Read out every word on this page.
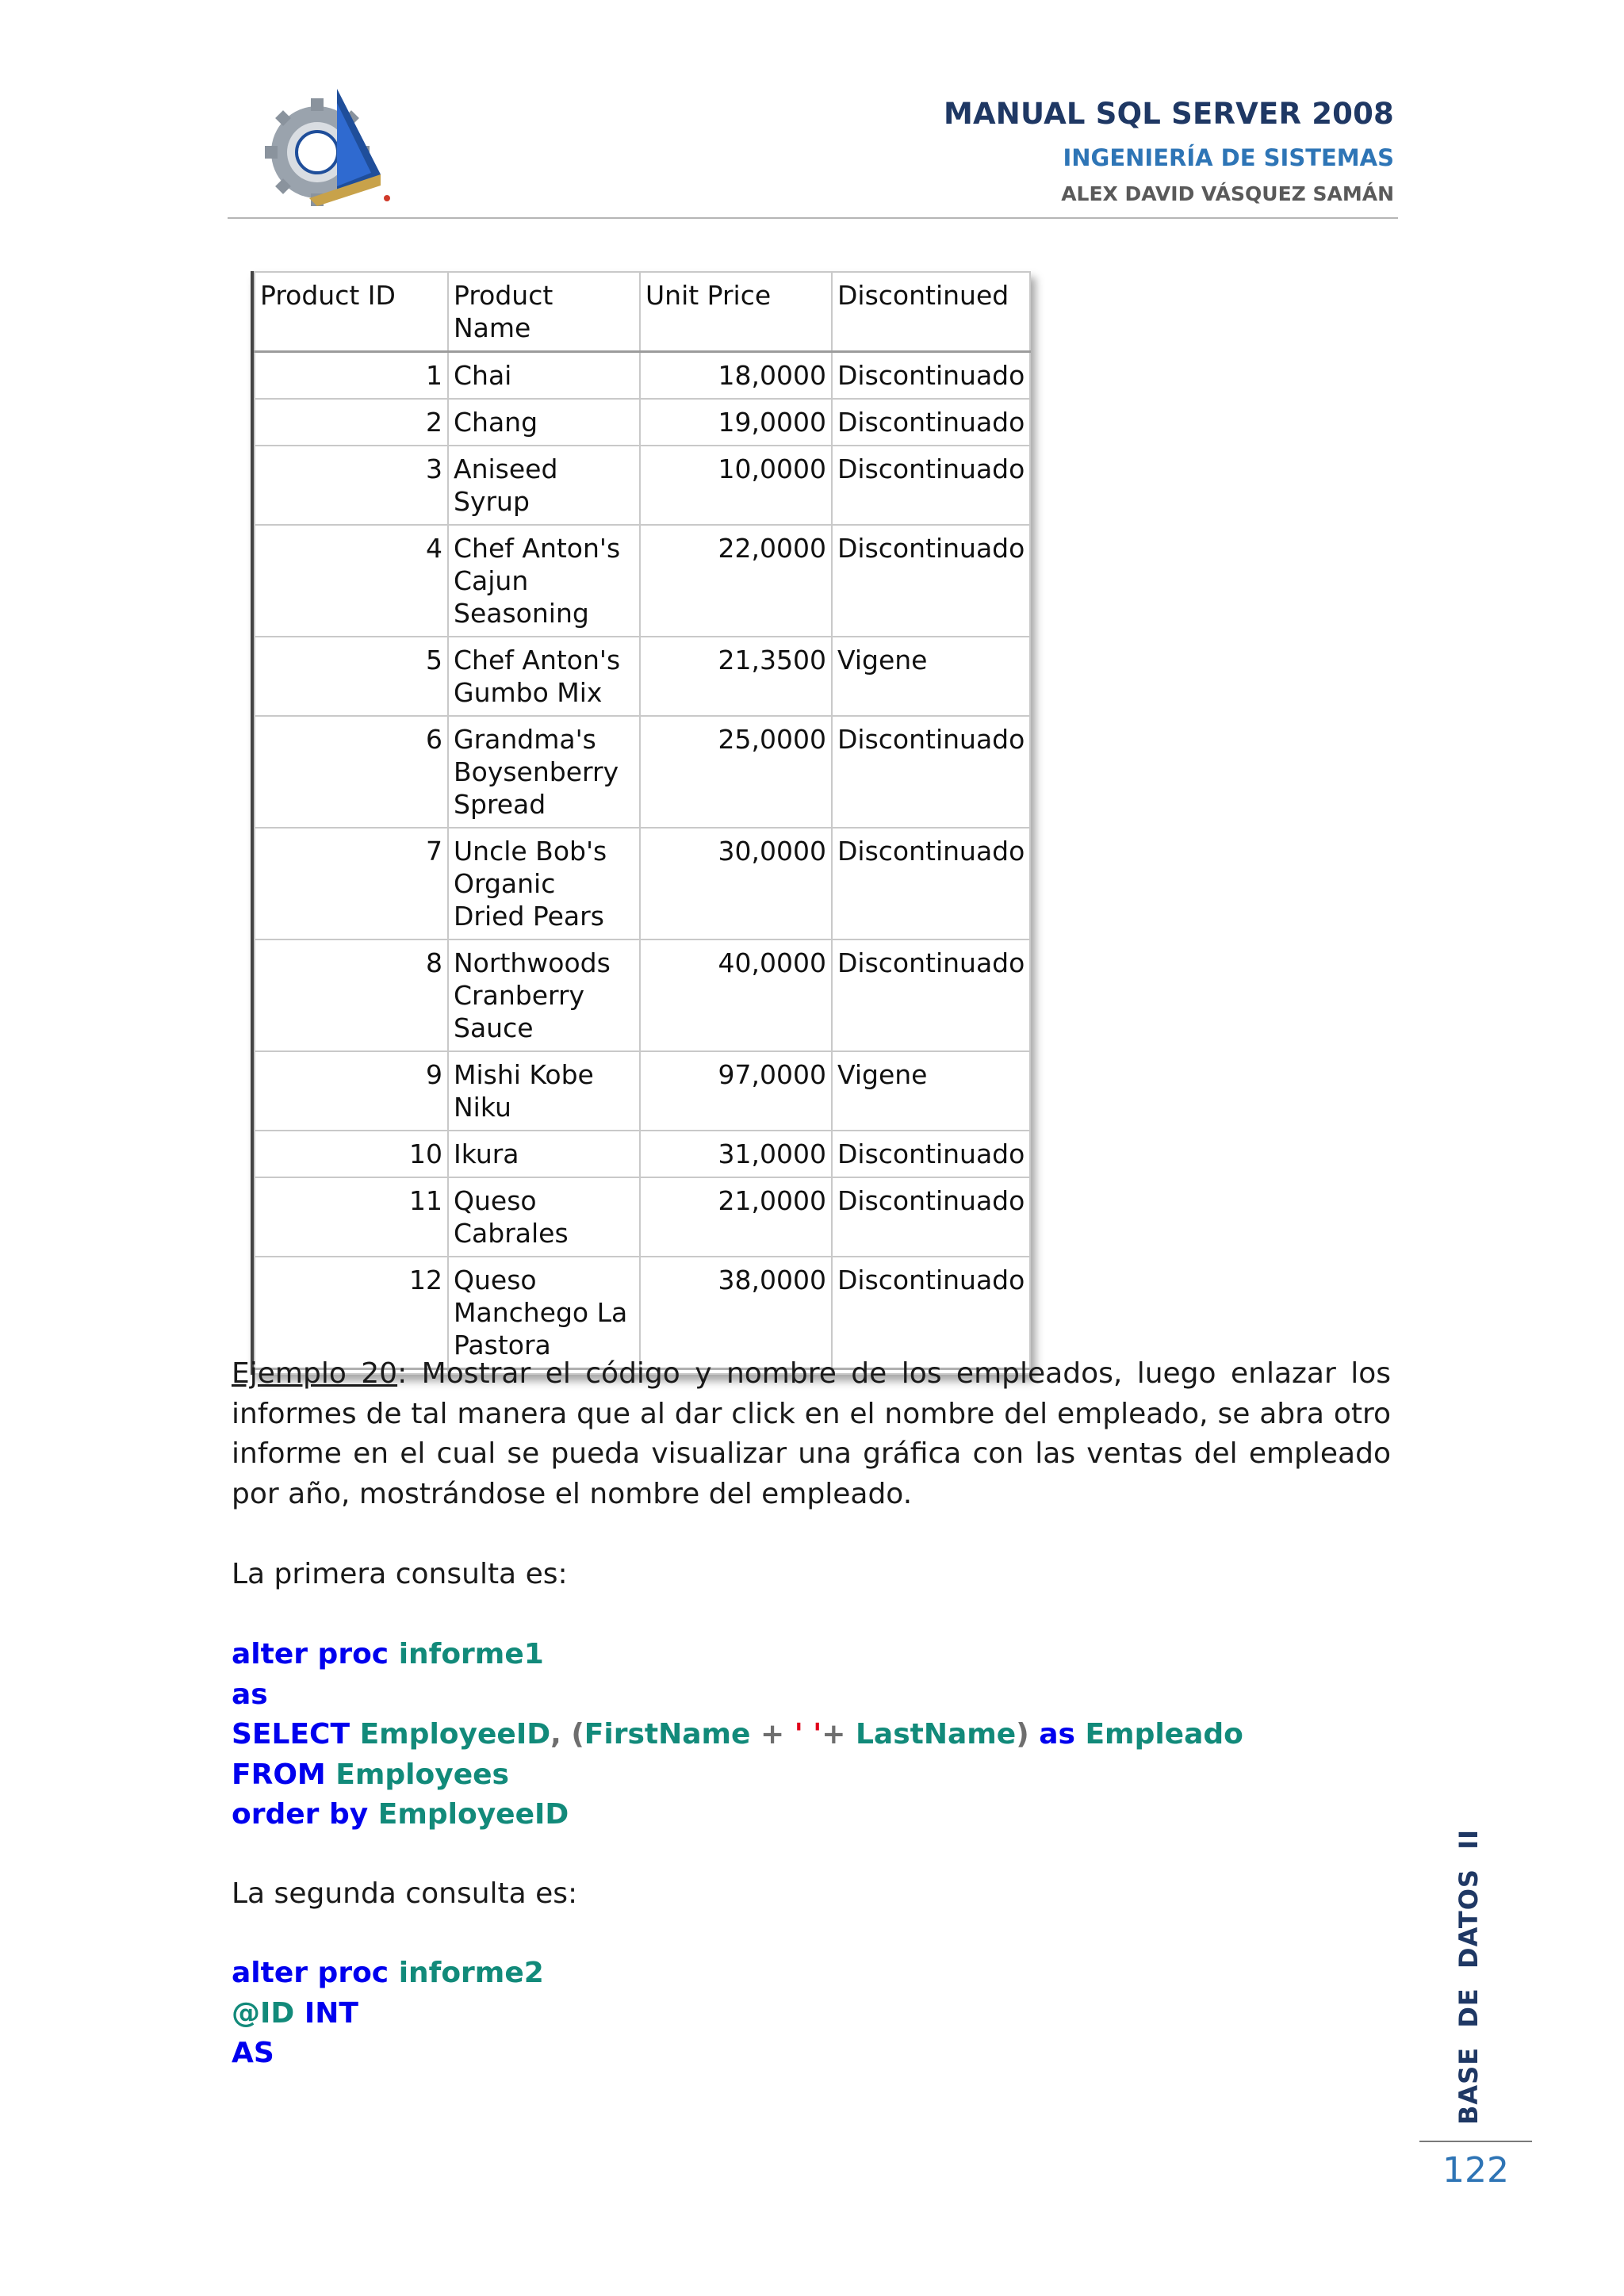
MANUAL SQL SERVER 2008
INGENIERÍA DE SISTEMAS
ALEX DAVID VÁSQUEZ SAMÁN
Product ID	Product Name	Unit Price	Discontinued
1	Chai	18,0000	Discontinuado
2	Chang	19,0000	Discontinuado
3	Aniseed Syrup	10,0000	Discontinuado
4	Chef Anton's Cajun Seasoning	22,0000	Discontinuado
5	Chef Anton's Gumbo Mix	21,3500	Vigene
6	Grandma's Boysenberry Spread	25,0000	Discontinuado
7	Uncle Bob's Organic Dried Pears	30,0000	Discontinuado
8	Northwoods Cranberry Sauce	40,0000	Discontinuado
9	Mishi Kobe Niku	97,0000	Vigene
10	Ikura	31,0000	Discontinuado
11	Queso Cabrales	21,0000	Discontinuado
12	Queso Manchego La Pastora	38,0000	Discontinuado

Ejemplo 20: Mostrar el código y nombre de los empleados, luego enlazar los informes de tal manera que al dar click en el nombre del empleado, se abra otro informe en el cual se pueda visualizar una gráfica con las ventas del empleado por año, mostrándose el nombre del empleado.
La primera consulta es:
alter proc informe1
as
SELECT EmployeeID, (FirstName + ' '+ LastName) as Empleado
FROM Employees
order by EmployeeID
La segunda consulta es:
alter proc informe2
@ID INT
AS	BASE  DE  DATOS  II
122
